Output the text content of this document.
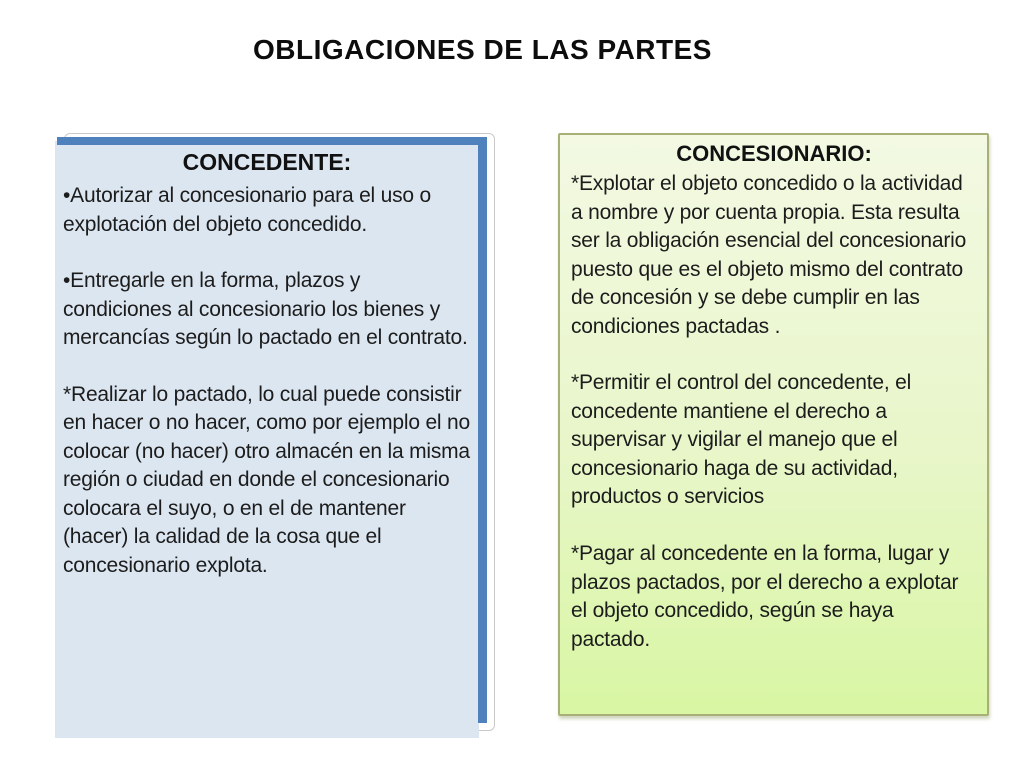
OBLIGACIONES DE LAS PARTES
CONCEDENTE:

•Autorizar al concesionario para el uso o explotación del objeto concedido.

•Entregarle en la forma, plazos y condiciones al concesionario los bienes y mercancías según lo pactado en el contrato.

*Realizar lo pactado, lo cual puede consistir en hacer o no hacer, como por ejemplo el no colocar (no hacer) otro almacén en la misma región o ciudad en donde el concesionario colocara el suyo, o en el de mantener (hacer) la calidad de la cosa que el concesionario explota.

CONCESIONARIO:

*Explotar el objeto concedido o la actividad a nombre y por cuenta propia. Esta resulta ser la obligación esencial del concesionario puesto que es el objeto mismo del contrato de concesión y se debe cumplir en las condiciones pactadas .

*Permitir el control del concedente, el concedente mantiene el derecho a supervisar y vigilar el manejo que el concesionario haga de su actividad, productos o servicios

*Pagar al concedente en la forma, lugar y plazos pactados, por el derecho a explotar el objeto concedido, según se haya pactado.
